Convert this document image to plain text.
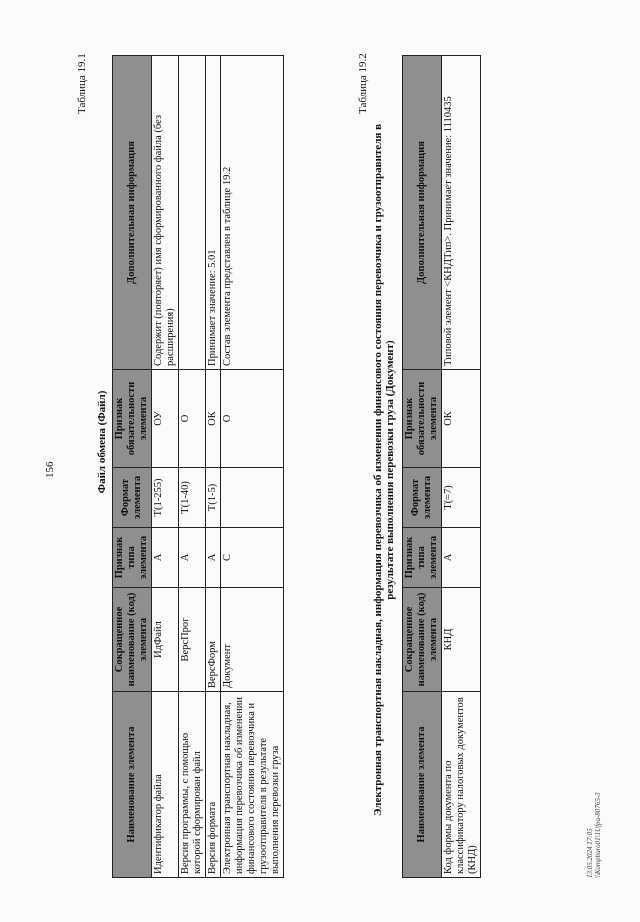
156
Таблица 19.1
Файл обмена (Файл)
Наименование элемента	Сокращенное наименование (код) элемента	Признак типа элемента	Формат элемента	Признак обязательности элемента	Дополнительная информация
Идентификатор файла	ИдФайл	А	Т(1-255)	ОУ	Содержит (повторяет) имя сформированного файла (без расширения)
Версия программы, с помощью которой сформирован файл	ВерсПрог	А	Т(1-40)	О	
Версия формата	ВерсФорм	А	Т(1-5)	ОК	Принимает значение: 5.01
Электронная транспортная накладная, информация перевозчика об изменении финансового состояния перевозчика и грузоотправителя в результате выполнения перевозки груза	Документ	С		О	Состав элемента представлен в таблице 19.2
Таблица 19.2
Электронная транспортная накладная, информация перевозчика об изменении финансового состояния перевозчика и грузоотправителя в результате выполнения перевозки груза (Документ)
Наименование элемента	Сокращенное наименование (код) элемента	Признак типа элемента	Формат элемента	Признак обязательности элемента	Дополнительная информация
Код формы документа по классификатору налоговых документов (КНД)	КНД	А	Т(=7)	ОК	Типовой элемент <КНДТип>. Принимает значение: 1110435
13.05.2024 17:05 \\Kompburo01\1Ufpa-80765-3
